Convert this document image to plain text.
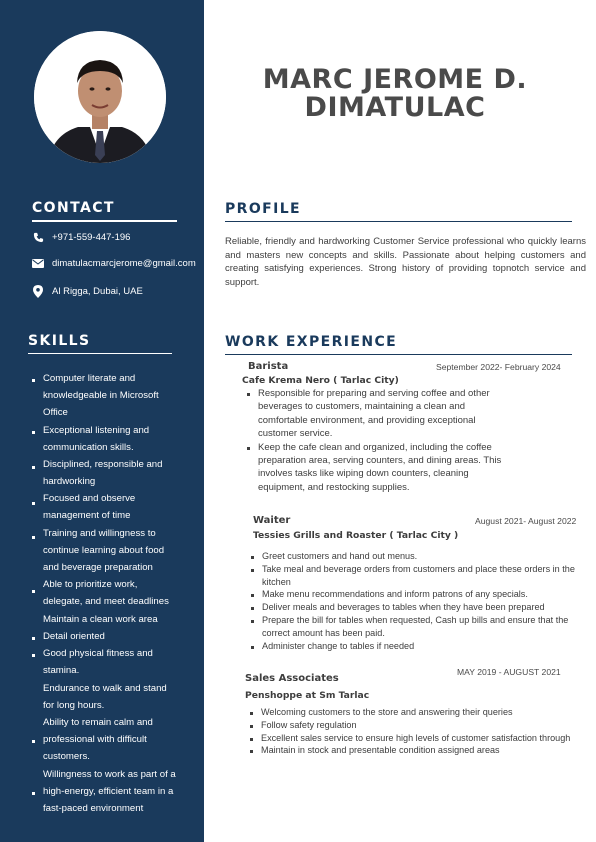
CONTACT
+971-559-447-196
dimatulacmarcjerome@gmail.com
Al Rigga, Dubai, UAE
SKILLS
Computer literate and
knowledgeable in Microsoft
Office
Exceptional listening and
communication skills.
Disciplined, responsible and
hardworking
Focused and observe
management of time
Training and willingness to
continue learning about food
and beverage preparation
Able to prioritize work,
delegate, and meet deadlines
Maintain a clean work area
Detail oriented
Good physical fitness and
stamina.
Endurance to walk and stand
for long hours.
Ability to remain calm and
professional with difficult
customers.
Willingness to work as part of a
high-energy, efficient team in a
fast-paced environment
MARC JEROME D.
DIMATULAC
PROFILE
Reliable, friendly and hardworking Customer Service professional who quickly learns and masters new concepts and skills. Passionate about helping customers and creating satisfying experiences. Strong history of providing topnotch service and support.
WORK EXPERIENCE
Barista	September 2022- February 2024
Cafe Krema Nero ( Tarlac City)
Responsible for preparing and serving coffee and other beverages to customers, maintaining a clean and comfortable environment, and providing exceptional customer service.
Keep the cafe clean and organized, including the coffee preparation area, serving counters, and dining areas. This involves tasks like wiping down counters, cleaning equipment, and restocking supplies.
Waiter	August 2021- August 2022
Tessies Grills and Roaster ( Tarlac City )
Greet customers and hand out menus.
Take meal and beverage orders from customers and place these orders in the kitchen
Make menu recommendations and inform patrons of any specials.
Deliver meals and beverages to tables when they have been prepared
Prepare the bill for tables when requested, Cash up bills and ensure that the correct amount has been paid.
Administer change to tables if needed
MAY 2019 - AUGUST 2021
Sales Associates
Penshoppe at Sm Tarlac
Welcoming customers to the store and answering their queries
Follow safety regulation
Excellent sales service to ensure high levels of customer satisfaction through
Maintain in stock and presentable condition assigned areas
